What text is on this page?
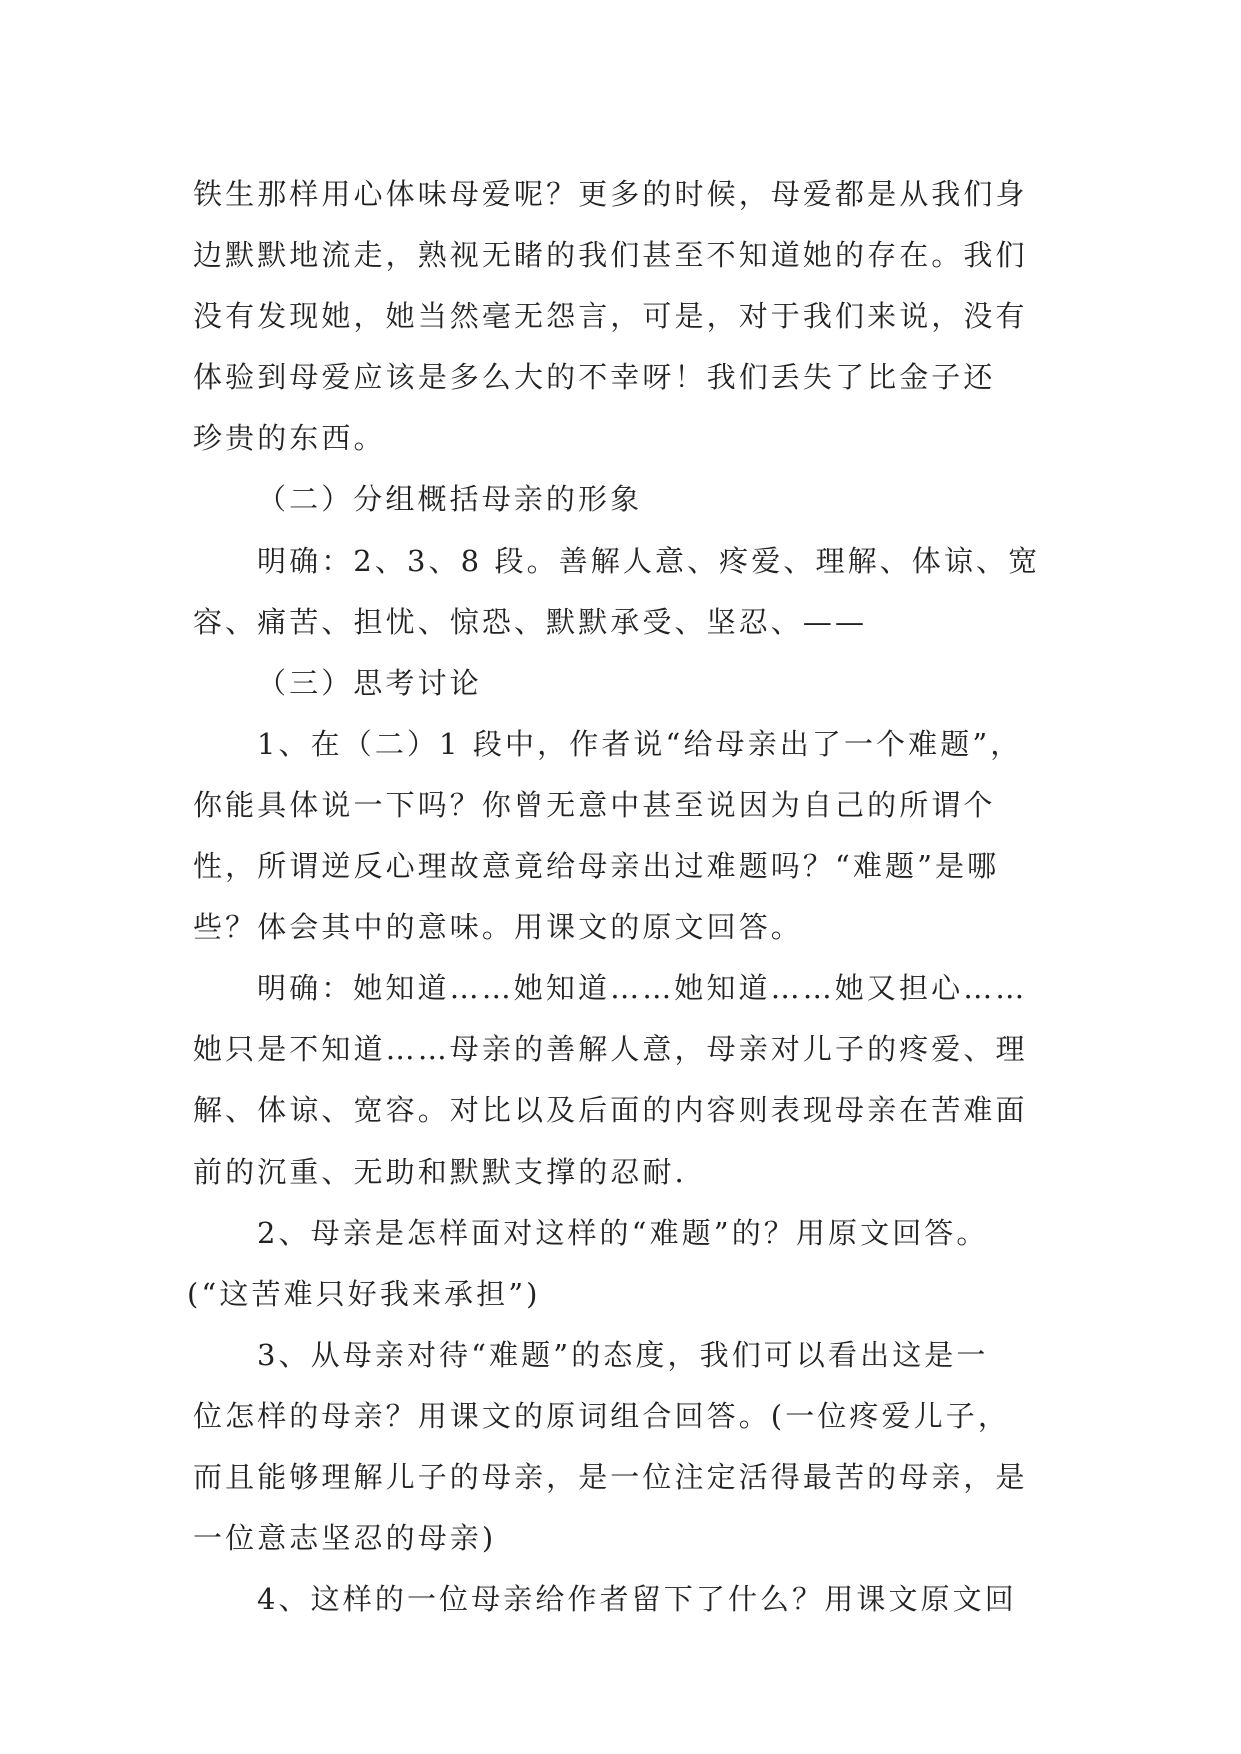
铁生那样用心体味母爱呢？更多的时候，母爱都是从我们身
边默默地流走，熟视无睹的我们甚至不知道她的存在。我们
没有发现她，她当然毫无怨言，可是，对于我们来说，没有
体验到母爱应该是多么大的不幸呀！我们丢失了比金子还
珍贵的东西。
（二）分组概括母亲的形象
明确：2、3、8 段。善解人意、疼爱、理解、体谅、宽
容、痛苦、担忧、惊恐、默默承受、坚忍、——
（三）思考讨论
1、在（二）1 段中，作者说“给母亲出了一个难题”，
你能具体说一下吗？你曾无意中甚至说因为自己的所谓个
性，所谓逆反心理故意竟给母亲出过难题吗？“难题”是哪
些？体会其中的意味。用课文的原文回答。
明确：她知道……她知道……她知道……她又担心……
她只是不知道……母亲的善解人意，母亲对儿子的疼爱、理
解、体谅、宽容。对比以及后面的内容则表现母亲在苦难面
前的沉重、无助和默默支撑的忍耐.
2、母亲是怎样面对这样的“难题”的？用原文回答。
(“这苦难只好我来承担”)
3、从母亲对待“难题”的态度，我们可以看出这是一
位怎样的母亲？用课文的原词组合回答。(一位疼爱儿子，
而且能够理解儿子的母亲，是一位注定活得最苦的母亲，是
一位意志坚忍的母亲)
4、这样的一位母亲给作者留下了什么？用课文原文回
